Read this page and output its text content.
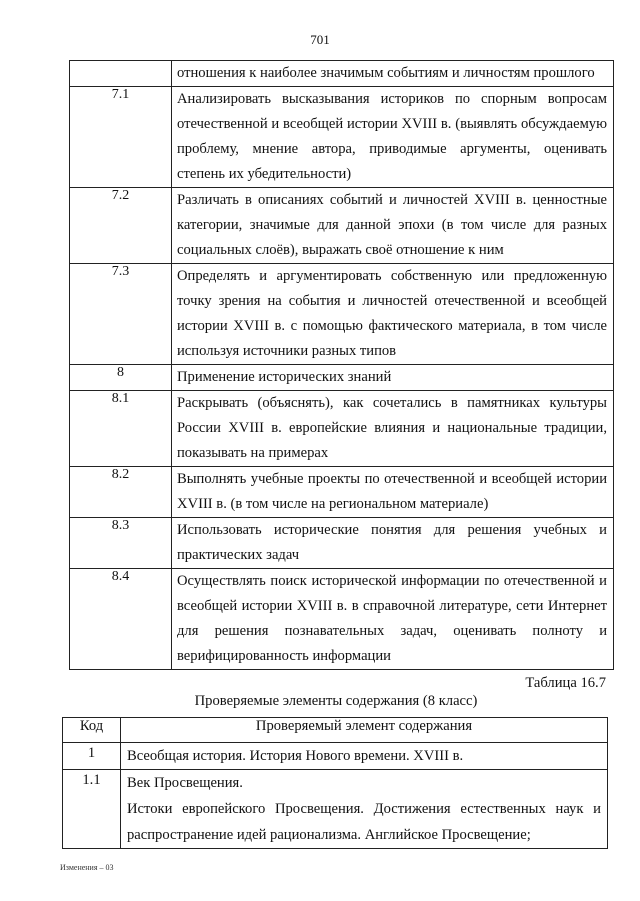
701
	отношения к наиболее значимым событиям и личностям прошлого
7.1	Анализировать высказывания историков по спорным вопросам отечественной и всеобщей истории XVIII в. (выявлять обсуждаемую проблему, мнение автора, приводимые аргументы, оценивать степень их убедительности)
7.2	Различать в описаниях событий и личностей XVIII в. ценностные категории, значимые для данной эпохи (в том числе для разных социальных слоёв), выражать своё отношение к ним
7.3	Определять и аргументировать собственную или предложенную точку зрения на события и личностей отечественной и всеобщей истории XVIII в. с помощью фактического материала, в том числе используя источники разных типов
8	Применение исторических знаний
8.1	Раскрывать (объяснять), как сочетались в памятниках культуры России XVIII в. европейские влияния и национальные традиции, показывать на примерах
8.2	Выполнять учебные проекты по отечественной и всеобщей истории XVIII в. (в том числе на региональном материале)
8.3	Использовать исторические понятия для решения учебных и практических задач
8.4	Осуществлять поиск исторической информации по отечественной и всеобщей истории XVIII в. в справочной литературе, сети Интернет для решения познавательных задач, оценивать полноту и верифицированность информации
Таблица 16.7
Проверяемые элементы содержания (8 класс)
Код	Проверяемый элемент содержания
1	Всеобщая история. История Нового времени. XVIII в.

1.1	Век Просвещения.
Истоки европейского Просвещения. Достижения естественных наук и распространение идей рационализма. Английское Просвещение;
Изменения – 03
